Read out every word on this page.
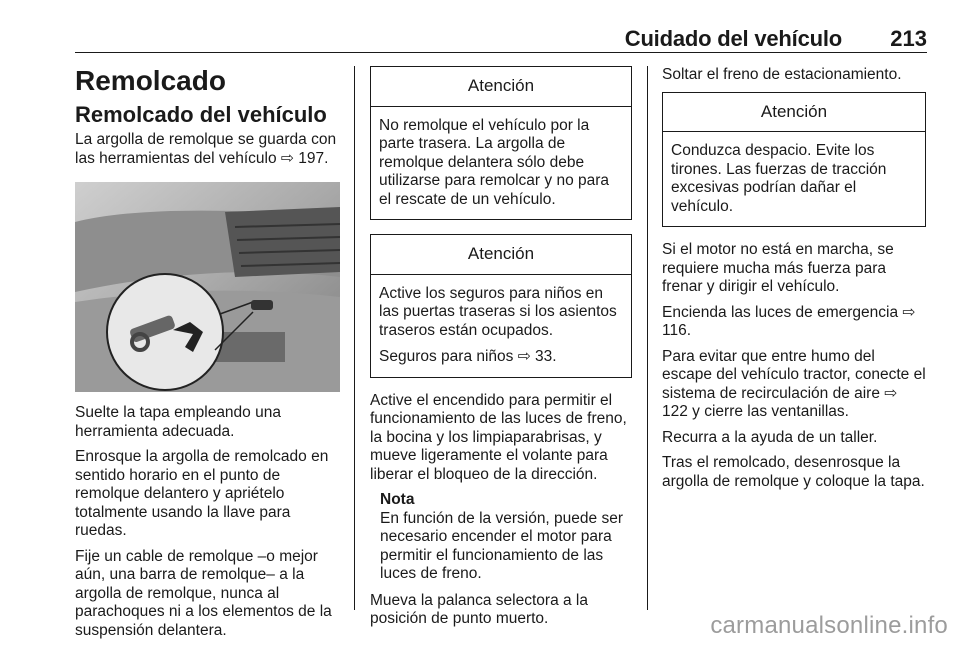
Cuidado del vehículo 213
Remolcado
Remolcado del vehículo

La argolla de remolque se guarda con las herramientas del vehículo ⇨ 197.

Suelte la tapa empleando una herramienta adecuada.

Enrosque la argolla de remolcado en sentido horario en el punto de remolque delantero y apriételo totalmente usando la llave para ruedas.

Fije un cable de remolque –o mejor aún, una barra de remolque– a la argolla de remolque, nunca al parachoques ni a los elementos de la suspensión delantera.

Atención

No remolque el vehículo por la parte trasera. La argolla de remolque delantera sólo debe utilizarse para remolcar y no para el rescate de un vehículo.

Atención

Active los seguros para niños en las puertas traseras si los asientos traseros están ocupados.

Seguros para niños ⇨ 33.

Active el encendido para permitir el funcionamiento de las luces de freno, la bocina y los limpiaparabrisas, y mueve ligeramente el volante para liberar el bloqueo de la dirección.

Nota
En función de la versión, puede ser necesario encender el motor para permitir el funcionamiento de las luces de freno.

Mueva la palanca selectora a la posición de punto muerto.

Soltar el freno de estacionamiento.

Atención

Conduzca despacio. Evite los tirones. Las fuerzas de tracción excesivas podrían dañar el vehículo.

Si el motor no está en marcha, se requiere mucha más fuerza para frenar y dirigir el vehículo.

Encienda las luces de emergencia ⇨ 116.

Para evitar que entre humo del escape del vehículo tractor, conecte el sistema de recirculación de aire ⇨ 122 y cierre las ventanillas.

Recurra a la ayuda de un taller.

Tras el remolcado, desenrosque la argolla de remolque y coloque la tapa.

carmanualsonline.info
